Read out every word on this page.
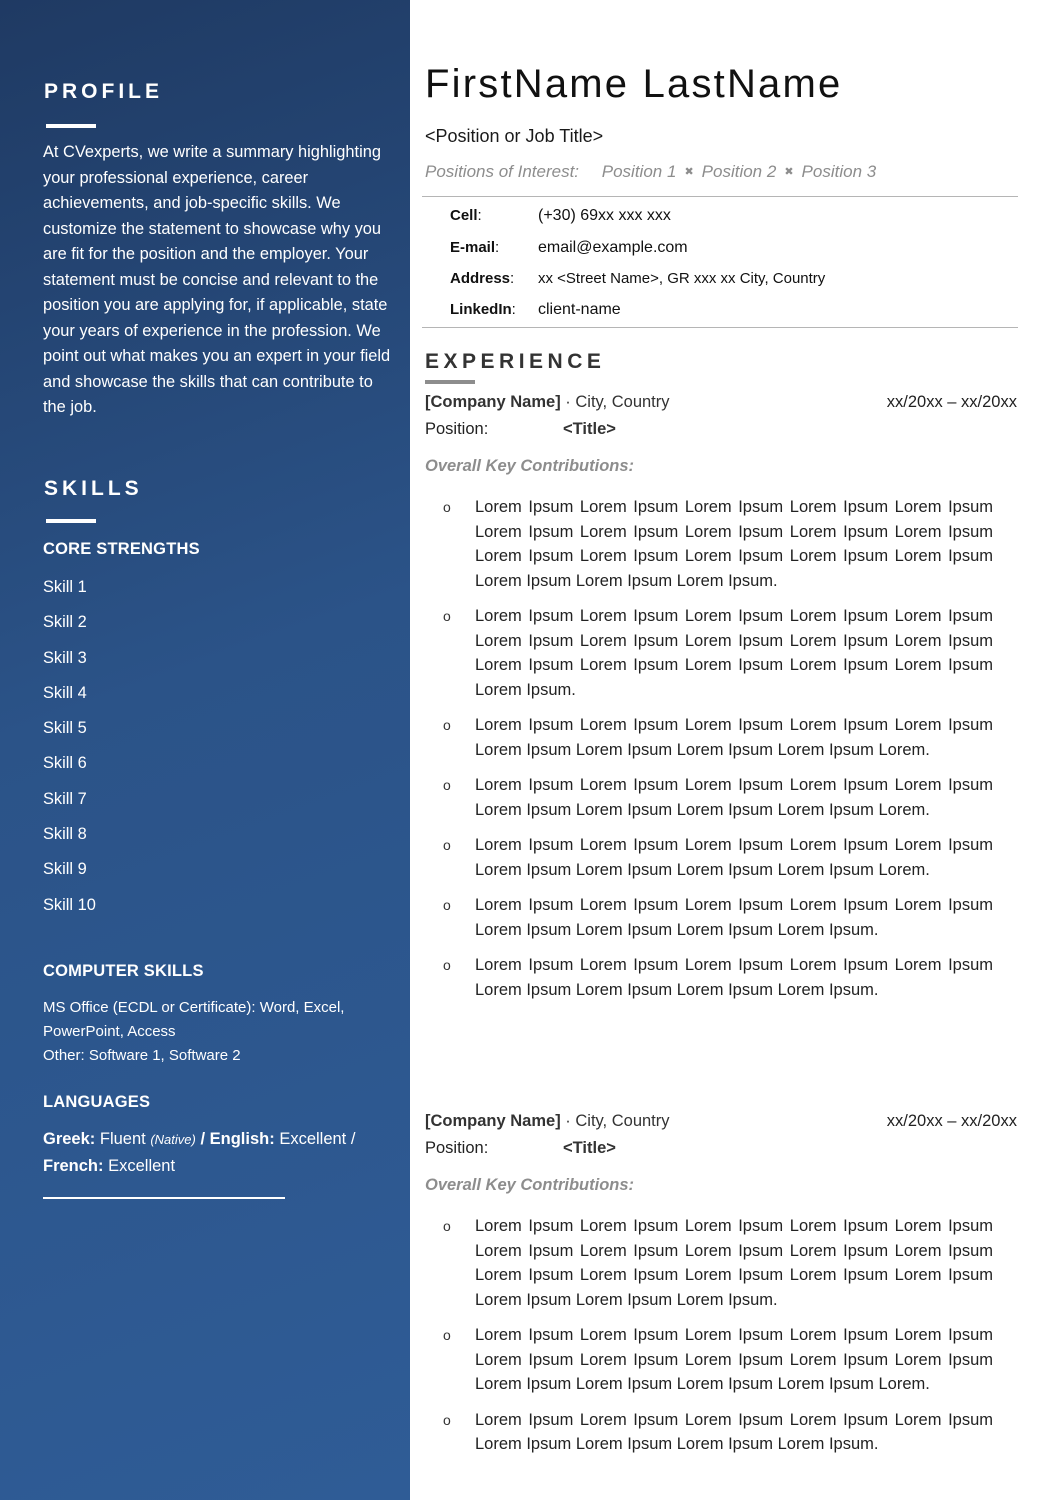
PROFILE
At CVexperts, we write a summary highlighting your professional experience, career achievements, and job-specific skills. We customize the statement to showcase why you are fit for the position and the employer. Your statement must be concise and relevant to the position you are applying for, if applicable, state your years of experience in the profession. We point out what makes you an expert in your field and showcase the skills that can contribute to the job.
SKILLS
CORE STRENGTHS
Skill 1
Skill 2
Skill 3
Skill 4
Skill 5
Skill 6
Skill 7
Skill 8
Skill 9
Skill 10
COMPUTER SKILLS
MS Office (ECDL or Certificate): Word, Excel,
PowerPoint, Access
Other: Software 1, Software 2
LANGUAGES
Greek: Fluent (Native) / English: Excellent /
French: Excellent
FirstName LastName
<Position or Job Title>
Positions of Interest: Position 1 ✖ Position 2 ✖ Position 3
Cell:	(+30) 69xx xxx xxx
E-mail: email@example.com
Address: xx <Street Name>, GR xxx xx City, Country
LinkedIn: client-name
EXPERIENCE
[Company Name] · City, Country	xx/20xx – xx/20xx
Position:	<Title>
Overall Key Contributions:
o Lorem Ipsum Lorem Ipsum Lorem Ipsum Lorem Ipsum Lorem Ipsum Lorem Ipsum Lorem Ipsum Lorem Ipsum Lorem Ipsum Lorem Ipsum Lorem Ipsum Lorem Ipsum Lorem Ipsum Lorem Ipsum Lorem Ipsum Lorem Ipsum Lorem Ipsum Lorem Ipsum.
o Lorem Ipsum Lorem Ipsum Lorem Ipsum Lorem Ipsum Lorem Ipsum Lorem Ipsum Lorem Ipsum Lorem Ipsum Lorem Ipsum Lorem Ipsum Lorem Ipsum Lorem Ipsum Lorem Ipsum Lorem Ipsum Lorem Ipsum Lorem Ipsum.
o Lorem Ipsum Lorem Ipsum Lorem Ipsum Lorem Ipsum Lorem Ipsum Lorem Ipsum Lorem Ipsum Lorem Ipsum Lorem Ipsum Lorem.
o Lorem Ipsum Lorem Ipsum Lorem Ipsum Lorem Ipsum Lorem Ipsum Lorem Ipsum Lorem Ipsum Lorem Ipsum Lorem Ipsum Lorem.
o Lorem Ipsum Lorem Ipsum Lorem Ipsum Lorem Ipsum Lorem Ipsum Lorem Ipsum Lorem Ipsum Lorem Ipsum Lorem Ipsum Lorem.
o Lorem Ipsum Lorem Ipsum Lorem Ipsum Lorem Ipsum Lorem Ipsum Lorem Ipsum Lorem Ipsum Lorem Ipsum Lorem Ipsum.
o Lorem Ipsum Lorem Ipsum Lorem Ipsum Lorem Ipsum Lorem Ipsum Lorem Ipsum Lorem Ipsum Lorem Ipsum Lorem Ipsum.
[Company Name] · City, Country	xx/20xx – xx/20xx
Position:	<Title>
Overall Key Contributions:
o Lorem Ipsum Lorem Ipsum Lorem Ipsum Lorem Ipsum Lorem Ipsum Lorem Ipsum Lorem Ipsum Lorem Ipsum Lorem Ipsum Lorem Ipsum Lorem Ipsum Lorem Ipsum Lorem Ipsum Lorem Ipsum Lorem Ipsum Lorem Ipsum Lorem Ipsum Lorem Ipsum.
o Lorem Ipsum Lorem Ipsum Lorem Ipsum Lorem Ipsum Lorem Ipsum Lorem Ipsum Lorem Ipsum Lorem Ipsum Lorem Ipsum Lorem Ipsum Lorem Ipsum Lorem Ipsum Lorem Ipsum Lorem Ipsum Lorem.
o Lorem Ipsum Lorem Ipsum Lorem Ipsum Lorem Ipsum Lorem Ipsum Lorem Ipsum Lorem Ipsum Lorem Ipsum Lorem Ipsum.
